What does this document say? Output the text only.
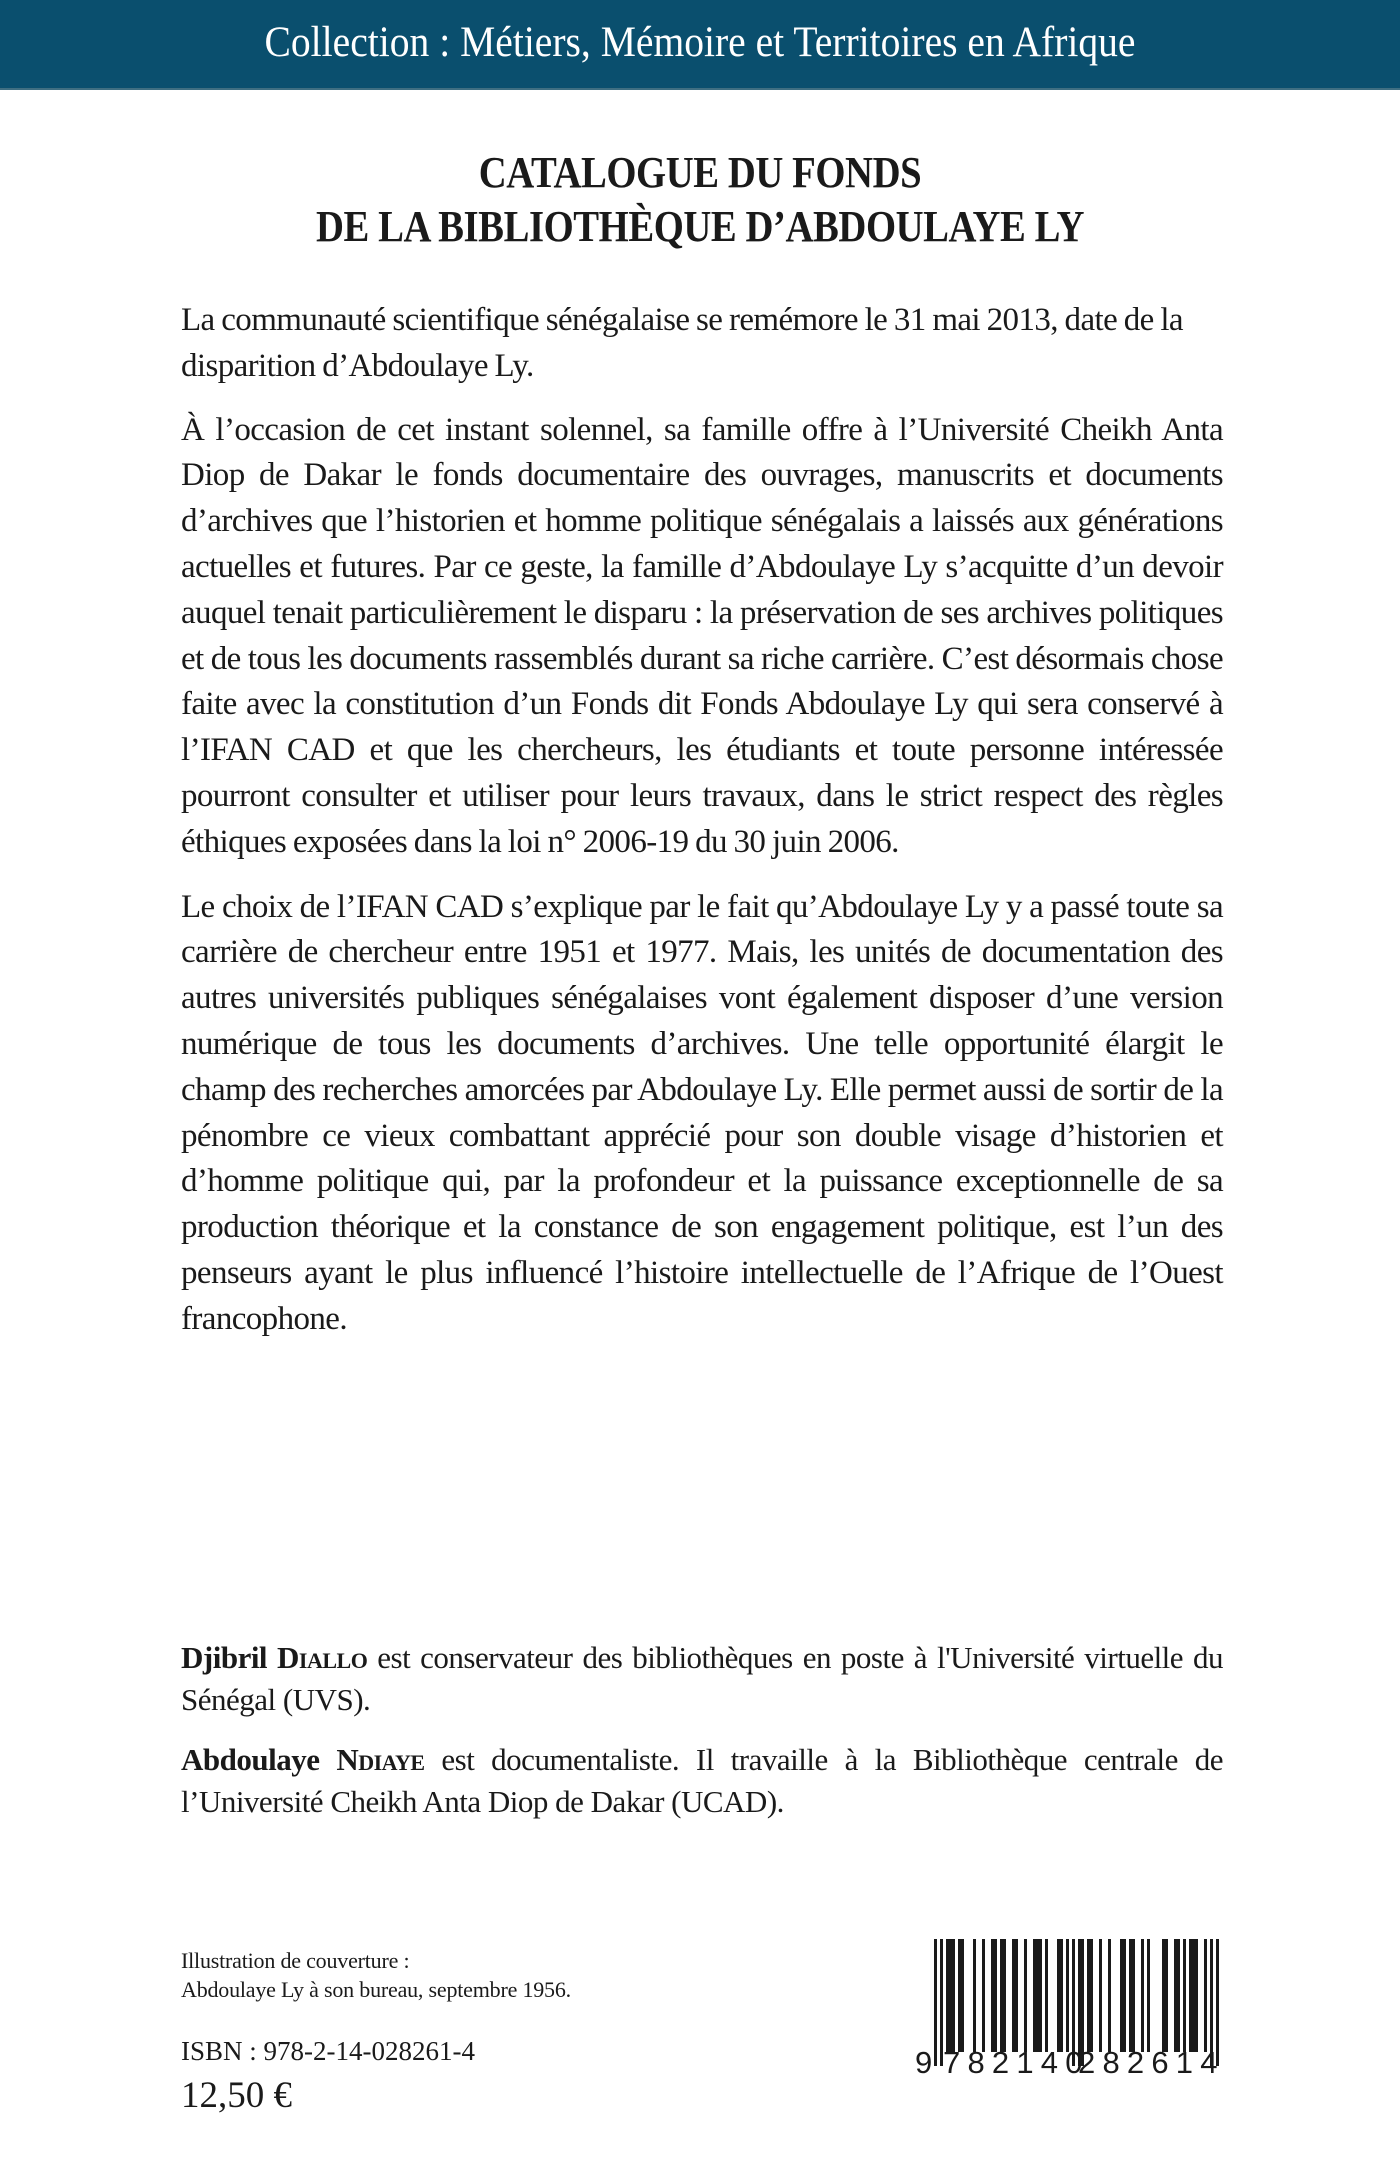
Collection : Métiers, Mémoire et Territoires en Afrique
CATALOGUE DU FONDS
DE LA BIBLIOTHÈQUE D’ABDOULAYE LY

La communauté scientifique sénégalaise se remémore le 31 mai 2013, date de la disparition d’Abdoulaye Ly.

À l’occasion de cet instant solennel, sa famille offre à l’Université Cheikh Anta Diop de Dakar le fonds documentaire des ouvrages, manuscrits et documents d’archives que l’historien et homme politique sénégalais a laissés aux générations actuelles et futures. Par ce geste, la famille d’Abdoulaye Ly s’acquitte d’un devoir auquel tenait particulièrement le disparu : la préservation de ses archives politiques et de tous les documents rassemblés durant sa riche carrière. C’est désormais chose faite avec la constitution d’un Fonds dit Fonds Abdoulaye Ly qui sera conservé à l’IFAN CAD et que les chercheurs, les étudiants et toute personne intéressée pourront consulter et utiliser pour leurs travaux, dans le strict respect des règles éthiques exposées dans la loi n° 2006-19 du 30 juin 2006.

Le choix de l’IFAN CAD s’explique par le fait qu’Abdoulaye Ly y a passé toute sa carrière de chercheur entre 1951 et 1977. Mais, les unités de documentation des autres universités publiques sénégalaises vont également disposer d’une version numérique de tous les documents d’archives. Une telle opportunité élargit le champ des recherches amorcées par Abdoulaye Ly. Elle permet aussi de sortir de la pénombre ce vieux combattant apprécié pour son double visage d’historien et d’homme politique qui, par la profondeur et la puissance exceptionnelle de sa production théorique et la constance de son engagement politique, est l’un des penseurs ayant le plus influencé l’histoire intellectuelle de l’Afrique de l’Ouest francophone.

Djibril Diallo est conservateur des bibliothèques en poste à l'Université virtuelle du Sénégal (UVS).

Abdoulaye Ndiaye est documentaliste. Il travaille à la Bibliothèque centrale de l’Université Cheikh Anta Diop de Dakar (UCAD).

Illustration de couverture :
Abdoulaye Ly à son bureau, septembre 1956.
ISBN : 978-2-14-028261-4
12,50 €
9 782140
282614
